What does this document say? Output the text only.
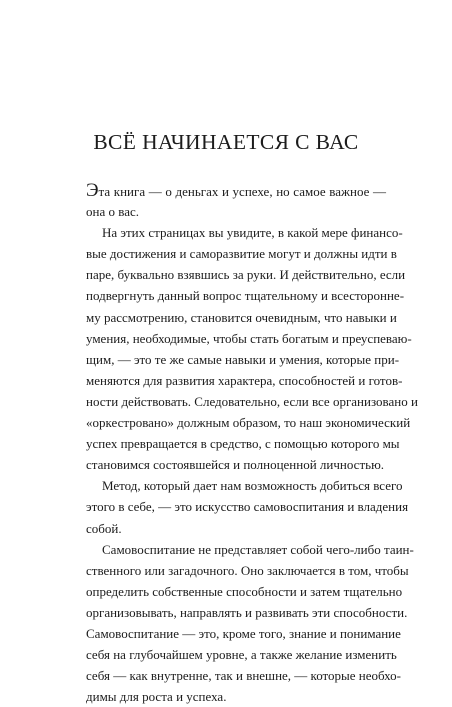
ВСЁ НАЧИНАЕТСЯ С ВАС
Эта книга — о деньгах и успехе, но самое важное —
она о вас.
На этих страницах вы увидите, в какой мере финансо-
вые достижения и саморазвитие могут и должны идти в
паре, буквально взявшись за руки. И действительно, если
подвергнуть данный вопрос тщательному и всестороннe-
му рассмотрению, становится очевидным, что навыки и
умения, необходимые, чтобы стать богатым и преуспеваю-
щим, — это те же самые навыки и умения, которые при-
меняются для развития характера, способностей и готов-
ности действовать. Следовательно, если все организовано и
«оркестровано» должным образом, то наш экономический
успех превращается в средство, с помощью которого мы
становимся состоявшейся и полноценной личностью.
Метод, который дает нам возможность добиться всего
этого в себе, — это искусство самовоспитания и владения
собой.
Самовоспитание не представляет собой чего-либо таин-
ственного или загадочного. Оно заключается в том, чтобы
определить собственные способности и затем тщательно
организовывать, направлять и развивать эти способности.
Самовоспитание — это, кроме того, знание и понимание
себя на глубочайшем уровне, а также желание изменить
себя — как внутренне, так и внешне, — которые необхо-
димы для роста и успеха.
